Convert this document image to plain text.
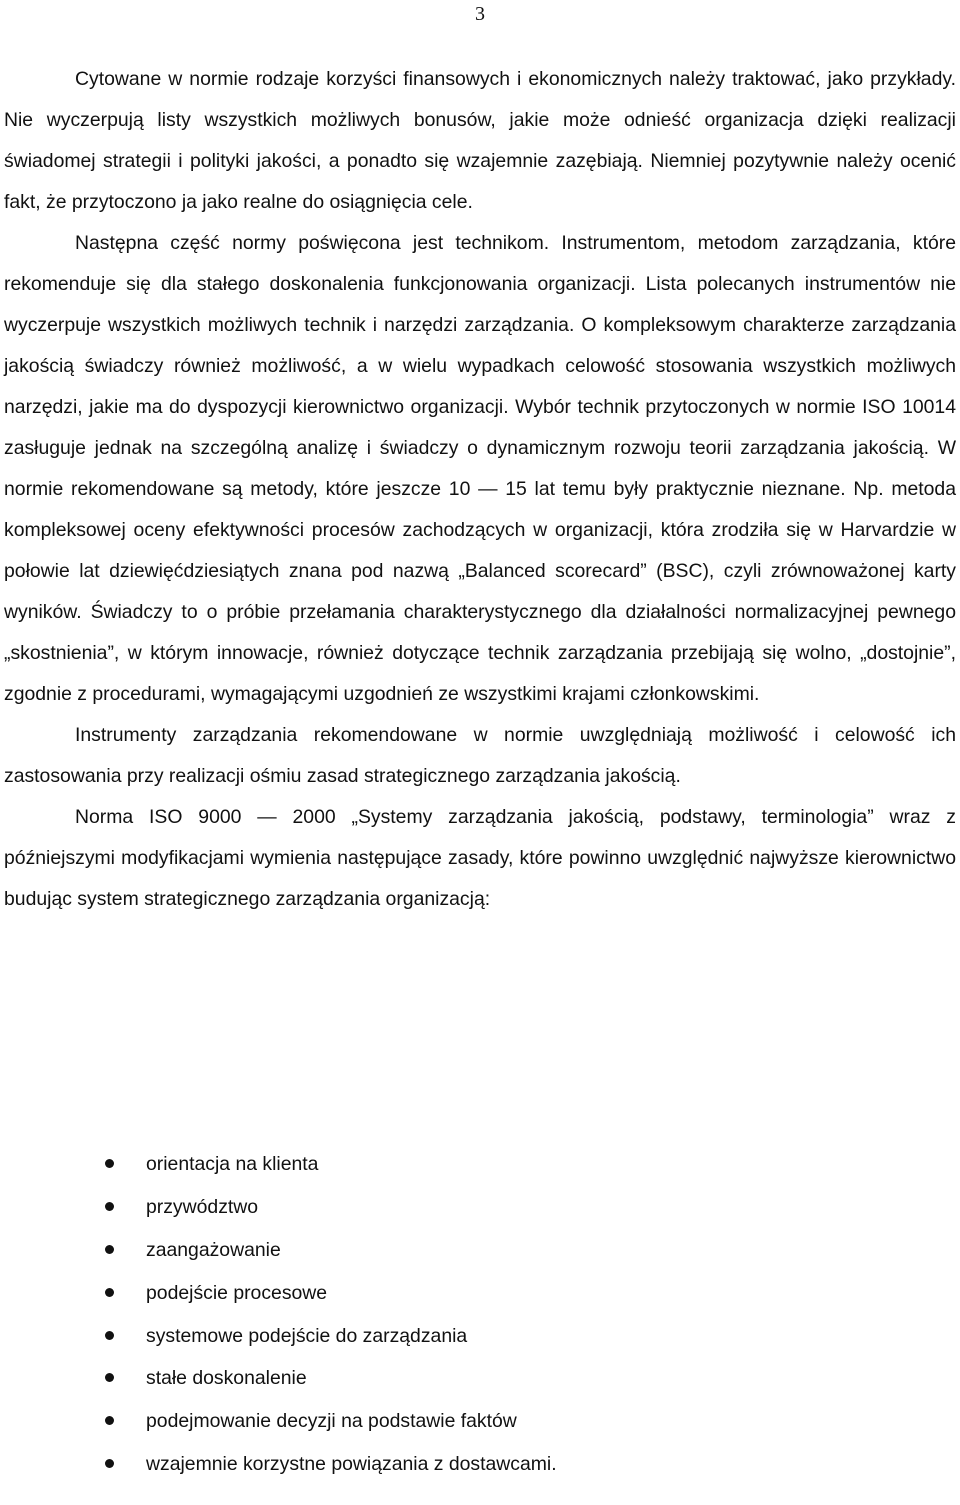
3

Cytowane w normie rodzaje korzyści finansowych i ekonomicznych należy traktować, jako przykłady. Nie wyczerpują listy wszystkich możliwych bonusów, jakie może odnieść organizacja dzięki realizacji świadomej strategii i polityki jakości, a ponadto się wzajemnie zazębiają. Niemniej pozytywnie należy ocenić fakt, że przytoczono ja jako realne do osiągnięcia cele.

Następna część normy poświęcona jest technikom. Instrumentom, metodom zarządzania, które rekomenduje się dla stałego doskonalenia funkcjonowania organizacji. Lista polecanych instrumentów nie wyczerpuje wszystkich możliwych technik i narzędzi zarządzania. O kompleksowym charakterze zarządzania jakością świadczy również możliwość, a w wielu wypadkach celowość stosowania wszystkich możliwych narzędzi, jakie ma do dyspozycji kierownictwo organizacji. Wybór technik przytoczonych w normie ISO 10014 zasługuje jednak na szczególną analizę i świadczy o dynamicznym rozwoju teorii zarządzania jakością. W normie rekomendowane są metody, które jeszcze 10 — 15 lat temu były praktycznie nieznane. Np. metoda kompleksowej oceny efektywności procesów zachodzących w organizacji, która zrodziła się w Harvardzie w połowie lat dziewięćdziesiątych znana pod nazwą „Balanced scorecard” (BSC), czyli zrównoważonej karty wyników. Świadczy to o próbie przełamania charakterystycznego dla działalności normalizacyjnej pewnego „skostnienia”, w którym innowacje, również dotyczące technik zarządzania przebijają się wolno, „dostojnie”, zgodnie z procedurami, wymagającymi uzgodnień ze wszystkimi krajami członkowskimi.

Instrumenty zarządzania rekomendowane w normie uwzględniają możliwość i celowość ich zastosowania przy realizacji ośmiu zasad strategicznego zarządzania jakością.

Norma ISO 9000 — 2000 „Systemy zarządzania jakością, podstawy, terminologia” wraz z późniejszymi modyfikacjami wymienia następujące zasady, które powinno uwzględnić najwyższe kierownictwo budując system strategicznego zarządzania organizacją:

orientacja na klienta
przywództwo
zaangażowanie
podejście procesowe
systemowe podejście do zarządzania
stałe doskonalenie
podejmowanie decyzji na podstawie faktów
wzajemnie korzystne powiązania z dostawcami.
